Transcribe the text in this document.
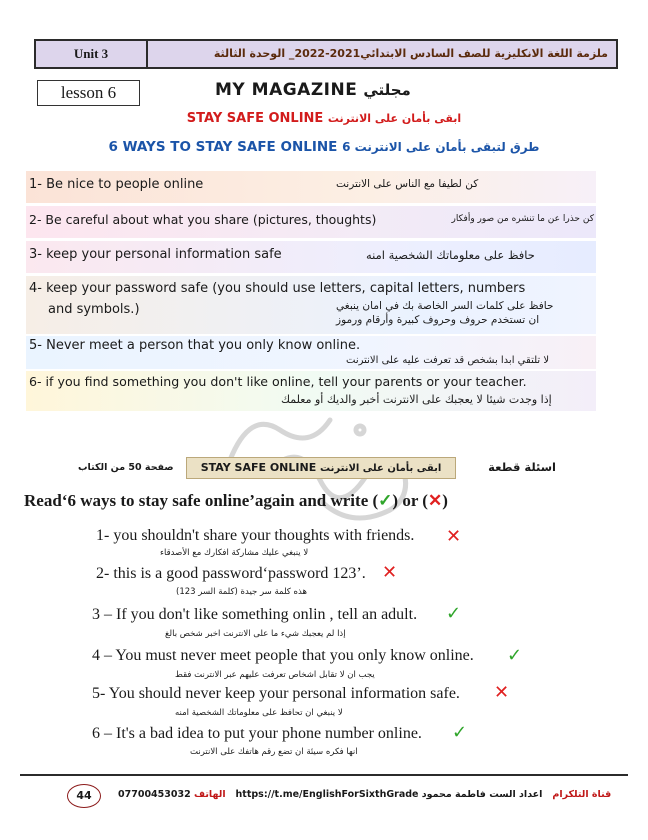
Unit 3	ملزمة اللغة الانكليزية للصف السادس الابتدائي2021-2022_ الوحدة الثالثة
lesson 6	MY MAGAZINE مجلتي
STAY SAFE ONLINE ابقى بأمان على الانترنت
6 WAYS TO STAY SAFE ONLINE 6 طرق لتبقى بأمان على الانترنت
1- Be nice to people online	كن لطيفا مع الناس على الانترنت
2- Be careful about what you share (pictures, thoughts)	كن حذرا عن ما تنشره من صور وأفكار
3- keep your personal information safe	حافظ على معلوماتك الشخصية امنه
4- keep your password safe (you should use letters, capital letters, numbers
and symbols.)	حافظ على كلمات السر الخاصة بك في امان ينبغي
ان تستخدم حروف وحروف كبيرة وأرقام ورموز
5- Never meet a person that you only know online.
لا تلتقي ابدا بشخص قد تعرفت عليه على الانترنت
6- if you find something you don't like online, tell your parents or your teacher.
إذا وجدت شيئا لا يعجبك على الانترنت أخبر والديك أو معلمك
اسئلة قطعة
STAY SAFE ONLINE ابقى بأمان على الانترنت
صفحة 50 من الكتاب
Read‘6 ways to stay safe online’again and write (✓) or (✕)
1- you shouldn't share your thoughts with friends. ✕
لا ينبغي عليك مشاركة افكارك مع الأصدقاء
2- this is a good password‘password 123’. ✕
هذه كلمة سر جيدة (كلمة السر 123)
3 – If you don't like something onlin , tell an adult. ✓
إذا لم يعجبك شيء ما على الانترنت اخبر شخص بالغ
4 – You must never meet people that you only know online. ✓
يجب ان لا تقابل اشخاص تعرفت عليهم عبر الانترنت فقط
5- You should never keep your personal information safe. ✕
لا ينبغي ان تحافظ على معلوماتك الشخصية امنه
6 – It's a bad idea to put your phone number online. ✓
انها فكره سيئة ان تضع رقم هاتفك على الانترنت
44	07700453032 الهاتف https://t.me/EnglishForSixthGrade	قناة التلكرام   اعداد الست فاطمة محمود
